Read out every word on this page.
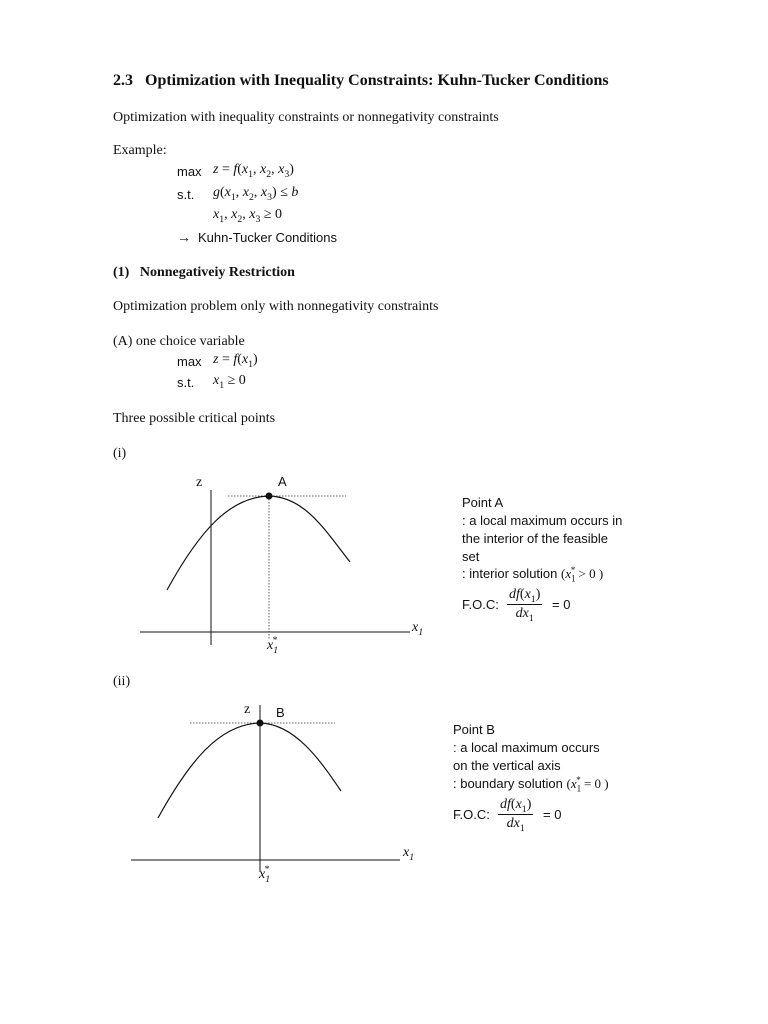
2.3 Optimization with Inequality Constraints: Kuhn-Tucker Conditions
Optimization with inequality constraints or nonnegativity constraints
Example:
$\max z = f(x_1$, $x_2$, $x_3$)
s.t. $g(x_1$, $x_2$, $x_3) \le b$
$x_1$, $x_2$, $x_3 \ge 0$
→ Kuhn-Tucker Conditions
(1) Nonnegativeiy Restriction
Optimization problem only with nonnegativity constraints
(A) one choice variable
$\max z = f(x_1)$
s.t. $x_1 \ge 0$
Three possible critical points
(i)
z	A
$x_1$
$x_1^*$
Point A
: a local maximum occurs in
the interior of the feasible
set
: interior solution ($x_1^* > 0$ )
F.O.C: $\frac{df(x_1)}{dx_1} = 0$
(ii)
z B
$x_1$
$x_1^*$
Point B
: a local maximum occurs
on the vertical axis
: boundary solution ($x_1^* = 0$ )
F.O.C: $\frac{df(x_1)}{dx_1} = 0$
